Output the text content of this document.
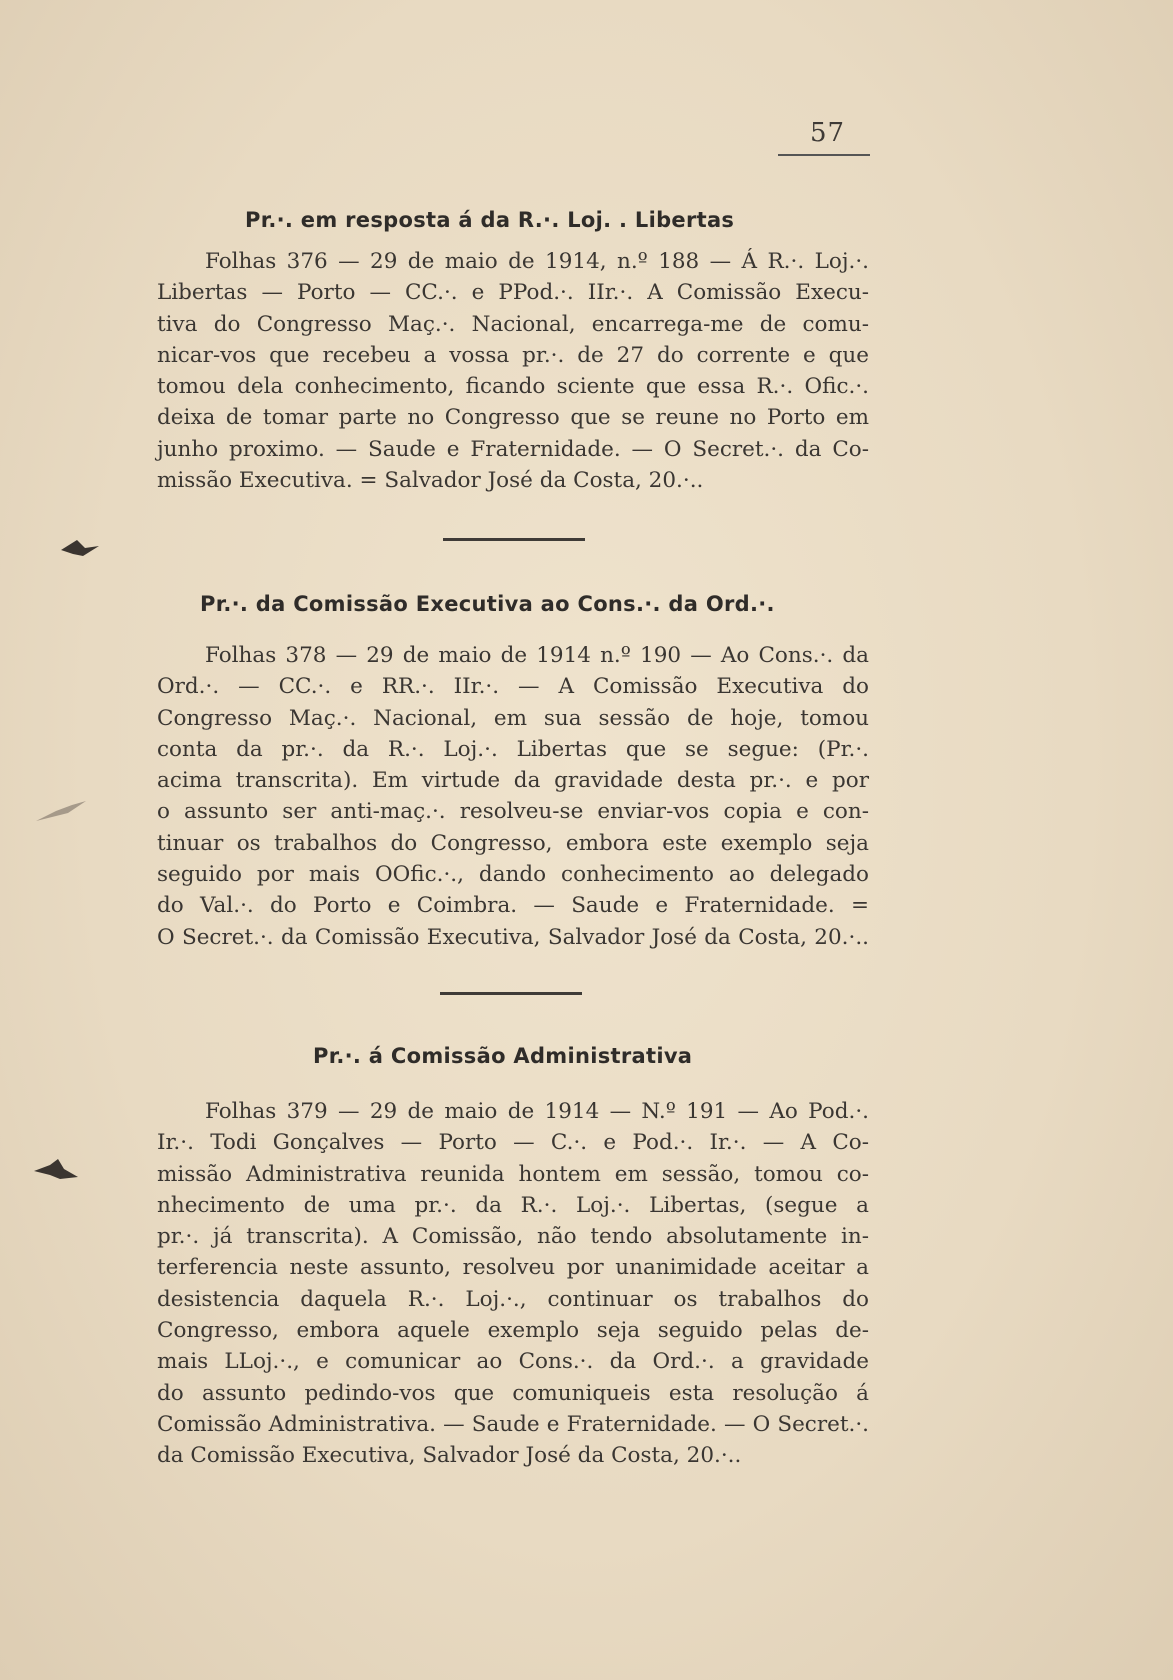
57
Pr.·. em resposta á da R.·. Loj. . Libertas
Folhas 376 — 29 de maio de 1914, n.º 188 — Á R.·. Loj.·.
Libertas — Porto — CC.·. e PPod.·. IIr.·. A Comissão Execu-
tiva do Congresso Maç.·. Nacional, encarrega-me de comu-
nicar-vos que recebeu a vossa pr.·. de 27 do corrente e que
tomou dela conhecimento, ficando sciente que essa R.·. Ofic.·.
deixa de tomar parte no Congresso que se reune no Porto em
junho proximo. — Saude e Fraternidade. — O Secret.·. da Co-
missão Executiva. = Salvador José da Costa, 20.·..
Pr.·. da Comissão Executiva ao Cons.·. da Ord.·.
Folhas 378 — 29 de maio de 1914 n.º 190 — Ao Cons.·. da
Ord.·. — CC.·. e RR.·. IIr.·. — A Comissão Executiva do
Congresso Maç.·. Nacional, em sua sessão de hoje, tomou
conta da pr.·. da R.·. Loj.·. Libertas que se segue: (Pr.·.
acima transcrita). Em virtude da gravidade desta pr.·. e por
o assunto ser anti-maç.·. resolveu-se enviar-vos copia e con-
tinuar os trabalhos do Congresso, embora este exemplo seja
seguido por mais OOfic.·., dando conhecimento ao delegado
do Val.·. do Porto e Coimbra. — Saude e Fraternidade. =
O Secret.·. da Comissão Executiva, Salvador José da Costa, 20.·..
Pr.·. á Comissão Administrativa
Folhas 379 — 29 de maio de 1914 — N.º 191 — Ao Pod.·.
Ir.·. Todi Gonçalves — Porto — C.·. e Pod.·. Ir.·. — A Co-
missão Administrativa reunida hontem em sessão, tomou co-
nhecimento de uma pr.·. da R.·. Loj.·. Libertas, (segue a
pr.·. já transcrita). A Comissão, não tendo absolutamente in-
terferencia neste assunto, resolveu por unanimidade aceitar a
desistencia daquela R.·. Loj.·., continuar os trabalhos do
Congresso, embora aquele exemplo seja seguido pelas de-
mais LLoj.·., e comunicar ao Cons.·. da Ord.·. a gravidade
do assunto pedindo-vos que comuniqueis esta resolução á
Comissão Administrativa. — Saude e Fraternidade. — O Secret.·.
da Comissão Executiva, Salvador José da Costa, 20.·..
